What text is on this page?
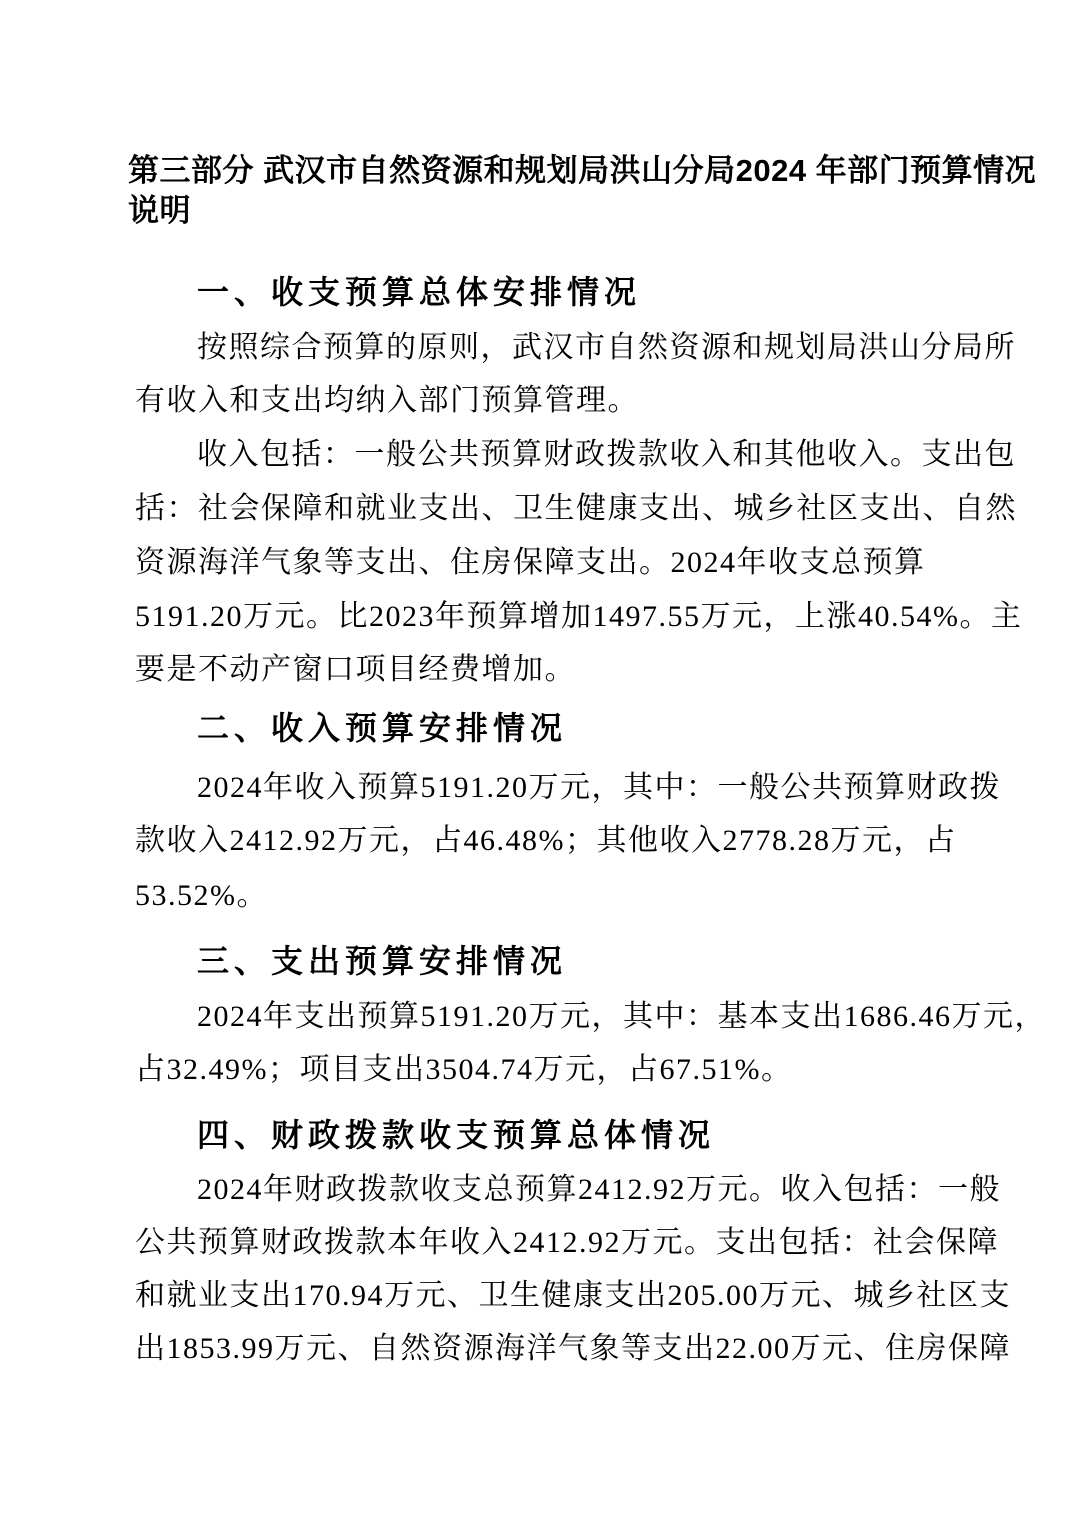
第三部分 武汉市自然资源和规划局洪山分局2024 年部门预算情况
说明
一、收支预算总体安排情况
按照综合预算的原则，武汉市自然资源和规划局洪山分局所
有收入和支出均纳入部门预算管理。
收入包括：一般公共预算财政拨款收入和其他收入。支出包
括：社会保障和就业支出、卫生健康支出、城乡社区支出、自然
资源海洋气象等支出、住房保障支出。2024年收支总预算
5191.20万元。比2023年预算增加1497.55万元，上涨40.54%。主
要是不动产窗口项目经费增加。
二、收入预算安排情况
2024年收入预算5191.20万元，其中：一般公共预算财政拨
款收入2412.92万元，占46.48%；其他收入2778.28万元，占
53.52%。
三、支出预算安排情况
2024年支出预算5191.20万元，其中：基本支出1686.46万元，
占32.49%；项目支出3504.74万元，占67.51%。
四、财政拨款收支预算总体情况
2024年财政拨款收支总预算2412.92万元。收入包括：一般
公共预算财政拨款本年收入2412.92万元。支出包括：社会保障
和就业支出170.94万元、卫生健康支出205.00万元、城乡社区支
出1853.99万元、自然资源海洋气象等支出22.00万元、住房保障
